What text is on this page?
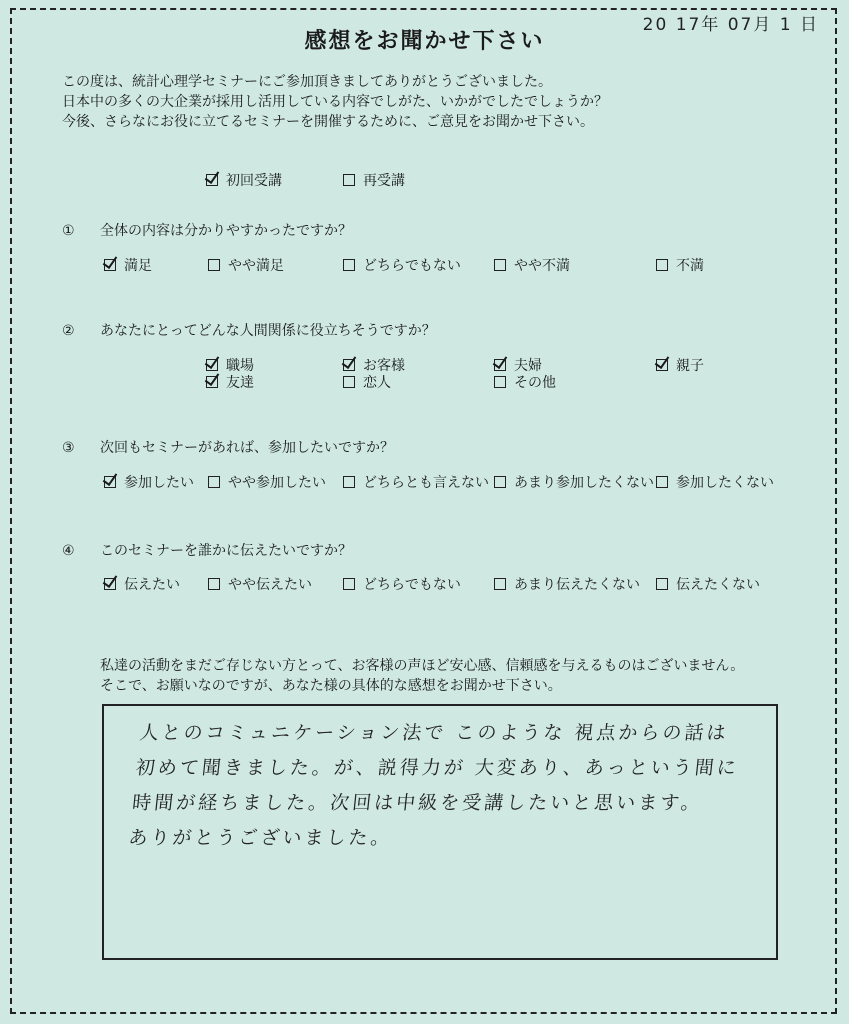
20 17年 07月 1 日
感想をお聞かせ下さい
この度は、統計心理学セミナーにご参加頂きましてありがとうございました。
日本中の多くの大企業が採用し活用している内容でしがた、いかがでしたでしょうか？
今後、さらなにお役に立てるセミナーを開催するために、ご意見をお聞かせ下さい。
初回受講	再受講
① 全体の内容は分かりやすかったですか？
満足	やや満足	どちらでもない	やや不満	不満
② あなたにとってどんな人間関係に役立ちそうですか？
職場	お客様	夫婦	親子
友達	恋人	その他
③ 次回もセミナーがあれば、参加したいですか？
参加したい やや参加したい	どちらとも言えない あまり参加したくない 参加したくない
④ このセミナーを誰かに伝えたいですか？
伝えたい	やや伝えたい	どちらでもない	あまり伝えたくない	伝えたくない
私達の活動をまだご存じない方とって、お客様の声ほど安心感、信頼感を与えるものはございません。
そこで、お願いなのですが、あなた様の具体的な感想をお聞かせ下さい。
人とのコミュニケーション法で このような 視点からの話は
初めて聞きました。が、説得力が 大変あり、あっという間に
時間が経ちました。次回は中級を受講したいと思います。
ありがとうございました。
